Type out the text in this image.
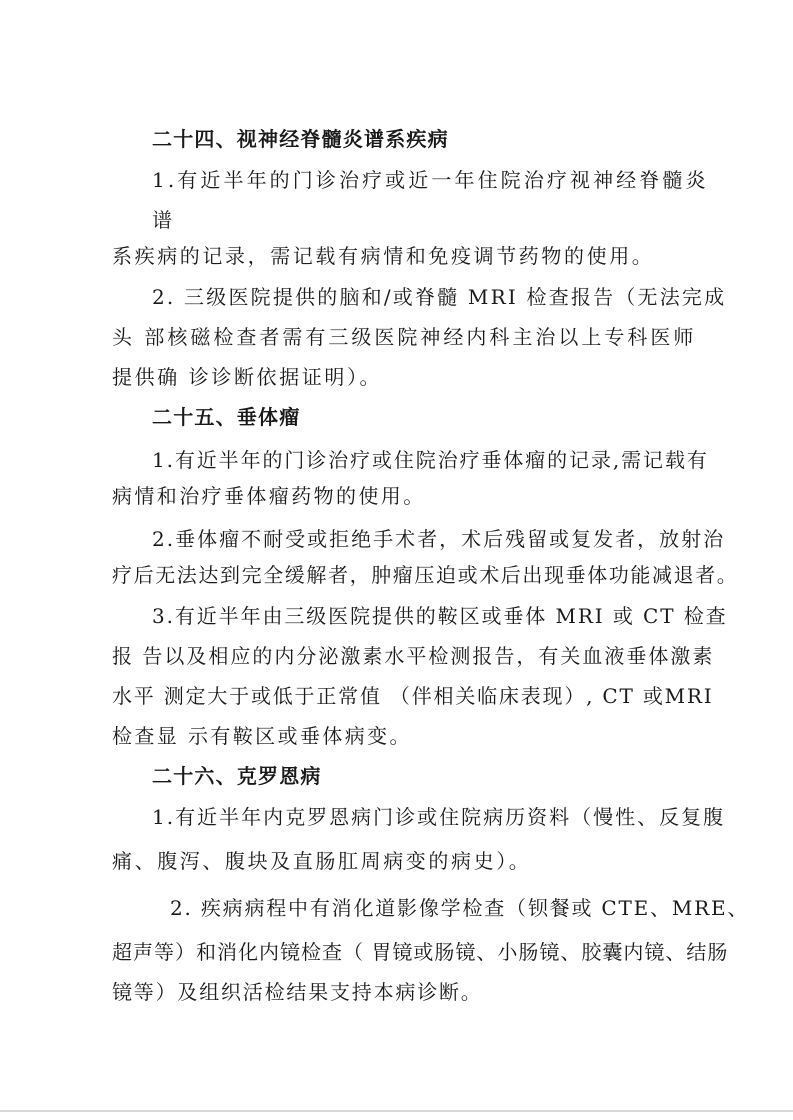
二十四、视神经脊髓炎谱系疾病
1.有近半年的门诊治疗或近一年住院治疗视神经脊髓炎
谱
系疾病的记录，需记载有病情和免疫调节药物的使用。
2. 三级医院提供的脑和/或脊髓 MRI 检查报告（无法完成
头 部核磁检查者需有三级医院神经内科主治以上专科医师
提供确 诊诊断依据证明）。
二十五、垂体瘤
1.有近半年的门诊治疗或住院治疗垂体瘤的记录,需记载有
病情和治疗垂体瘤药物的使用。
2.垂体瘤不耐受或拒绝手术者，术后残留或复发者，放射治
疗后无法达到完全缓解者，肿瘤压迫或术后出现垂体功能减退者。
3.有近半年由三级医院提供的鞍区或垂体 MRI 或 CT 检查
报 告以及相应的内分泌激素水平检测报告，有关血液垂体激素
水平 测定大于或低于正常值 （伴相关临床表现）, CT 或MRI
检查显 示有鞍区或垂体病变。
二十六、克罗恩病
1.有近半年内克罗恩病门诊或住院病历资料（慢性、反复腹
痛、腹泻、腹块及直肠肛周病变的病史）。
2. 疾病病程中有消化道影像学检查（钡餐或 CTE、MRE、
超声等）和消化内镜检查（ 胃镜或肠镜、小肠镜、胶囊内镜、结肠
镜等）及组织活检结果支持本病诊断。
